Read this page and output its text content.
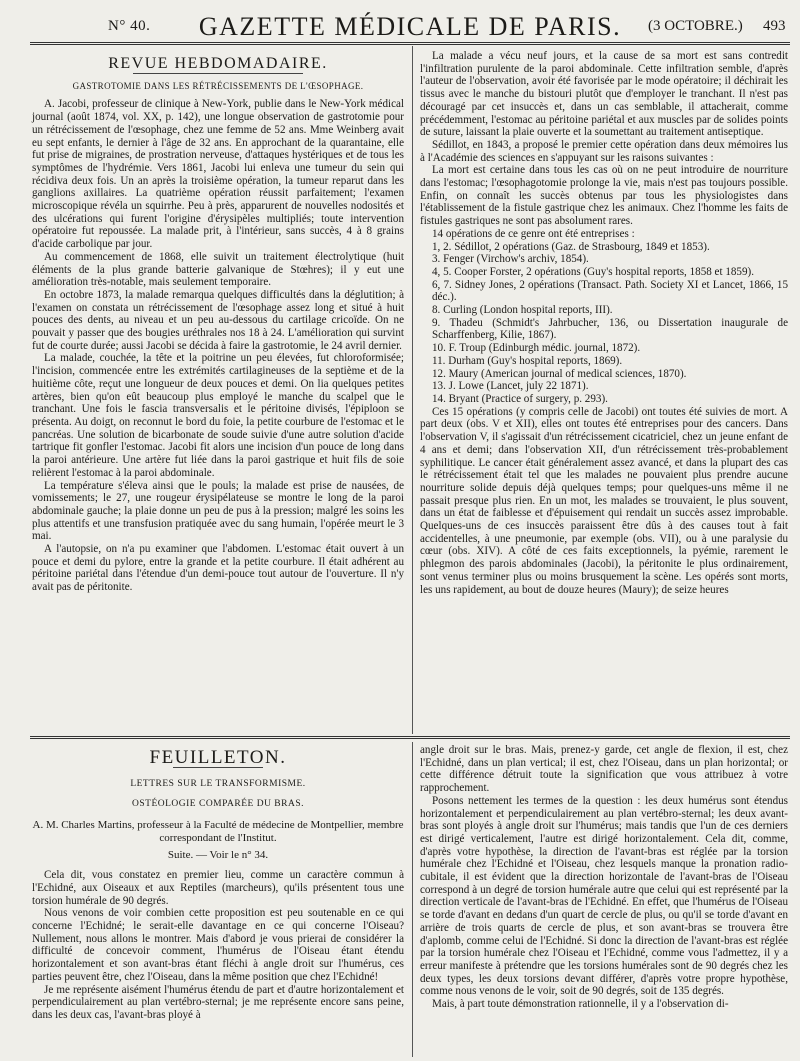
N° 40.	GAZETTE MÉDICALE DE PARIS.	(3 OCTOBRE.) 493
REVUE HEBDOMADAIRE.
GASTROTOMIE DANS LES RÉTRÉCISSEMENTS DE L'ŒSOPHAGE.

A. Jacobi, professeur de clinique à New-York, publie dans le New-York médical journal (août 1874, vol. XX, p. 142), une longue observation de gastrotomie pour un rétrécissement de l'œsophage, chez une femme de 52 ans. Mme Weinberg avait eu sept enfants, le dernier à l'âge de 32 ans. En approchant de la quarantaine, elle fut prise de migraines, de prostration nerveuse, d'attaques hystériques et de tous les symptômes de l'hydrémie. Vers 1861, Jacobi lui enleva une tumeur du sein qui récidiva deux fois. Un an après la troisième opération, la tumeur reparut dans les ganglions axillaires. La quatrième opération réussit parfaitement; l'examen microscopique révéla un squirrhe. Peu à près, apparurent de nouvelles nodosités et des ulcérations qui furent l'origine d'érysipèles multipliés; toute intervention opératoire fut repoussée. La malade prit, à l'intérieur, sans succès, 4 à 8 grains d'acide carbolique par jour.

Au commencement de 1868, elle suivit un traitement électrolytique (huit éléments de la plus grande batterie galvanique de Stœhres); il y eut une amélioration très-notable, mais seulement temporaire.

En octobre 1873, la malade remarqua quelques difficultés dans la déglutition; à l'examen on constata un rétrécissement de l'œsophage assez long et situé à huit pouces des dents, au niveau et un peu au-dessous du cartilage cricoïde. On ne pouvait y passer que des bougies uréthrales nos 18 à 24. L'amélioration qui survint fut de courte durée; aussi Jacobi se décida à faire la gastrotomie, le 24 avril dernier.

La malade, couchée, la tête et la poitrine un peu élevées, fut chloroformisée; l'incision, commencée entre les extrémités cartilagineuses de la septième et de la huitième côte, reçut une longueur de deux pouces et demi. On lia quelques petites artères, bien qu'on eût beaucoup plus employé le manche du scalpel que le tranchant. Une fois le fascia transversalis et le péritoine divisés, l'épiploon se présenta. Au doigt, on reconnut le bord du foie, la petite courbure de l'estomac et le pancréas. Une solution de bicarbonate de soude suivie d'une autre solution d'acide tartrique fit gonfler l'estomac. Jacobi fit alors une incision d'un pouce de long dans la paroi antérieure. Une artère fut liée dans la paroi gastrique et huit fils de soie relièrent l'estomac à la paroi abdominale.

La température s'éleva ainsi que le pouls; la malade est prise de nausées, de vomissements; le 27, une rougeur érysipélateuse se montre le long de la paroi abdominale gauche; la plaie donne un peu de pus à la pression; malgré les soins les plus attentifs et une transfusion pratiquée avec du sang humain, l'opérée meurt le 3 mai.

A l'autopsie, on n'a pu examiner que l'abdomen. L'estomac était ouvert à un pouce et demi du pylore, entre la grande et la petite courbure. Il était adhérent au péritoine pariétal dans l'étendue d'un demi-pouce tout autour de l'ouverture. Il n'y avait pas de péritonite.

La malade a vécu neuf jours, et la cause de sa mort est sans contredit l'infiltration purulente de la paroi abdominale. Cette infiltration semble, d'après l'auteur de l'observation, avoir été favorisée par le mode opératoire; il déchirait les tissus avec le manche du bistouri plutôt que d'employer le tranchant. Il n'est pas découragé par cet insuccès et, dans un cas semblable, il attacherait, comme précédemment, l'estomac au péritoine pariétal et aux muscles par de solides points de suture, laissant la plaie ouverte et la soumettant au traitement antiseptique.

Sédillot, en 1843, a proposé le premier cette opération dans deux mémoires lus à l'Académie des sciences en s'appuyant sur les raisons suivantes :

La mort est certaine dans tous les cas où on ne peut introduire de nourriture dans l'estomac; l'œsophagotomie prolonge la vie, mais n'est pas toujours possible. Enfin, on connaît les succès obtenus par tous les physiologistes dans l'établissement de la fistule gastrique chez les animaux. Chez l'homme les faits de fistules gastriques ne sont pas absolument rares.

14 opérations de ce genre ont été entreprises :

1, 2. Sédillot, 2 opérations (Gaz. de Strasbourg, 1849 et 1853).

3. Fenger (Virchow's archiv, 1854).

4, 5. Cooper Forster, 2 opérations (Guy's hospital reports, 1858 et 1859).

6, 7. Sidney Jones, 2 opérations (Transact. Path. Society XI et Lancet, 1866, 15 déc.).

8. Curling (London hospital reports, III).

9. Thadeu (Schmidt's Jahrbucher, 136, ou Dissertation inaugurale de Scharffenberg, Kilie, 1867).

10. F. Troup (Edinburgh médic. journal, 1872).

11. Durham (Guy's hospital reports, 1869).

12. Maury (American journal of medical sciences, 1870).

13. J. Lowe (Lancet, july 22 1871).

14. Bryant (Practice of surgery, p. 293).

Ces 15 opérations (y compris celle de Jacobi) ont toutes été suivies de mort. A part deux (obs. V et XII), elles ont toutes été entreprises pour des cancers. Dans l'observation V, il s'agissait d'un rétrécissement cicatriciel, chez un jeune enfant de 4 ans et demi; dans l'observation XII, d'un rétrécissement très-probablement syphilitique. Le cancer était généralement assez avancé, et dans la plupart des cas le rétrécissement était tel que les malades ne pouvaient plus prendre aucune nourriture solide depuis déjà quelques temps; pour quelques-uns même il ne passait presque plus rien. En un mot, les malades se trouvaient, le plus souvent, dans un état de faiblesse et d'épuisement qui rendait un succès assez improbable. Quelques-uns de ces insuccès paraissent être dûs à des causes tout à fait accidentelles, à une pneumonie, par exemple (obs. VII), ou à une paralysie du cœur (obs. XIV). A côté de ces faits exceptionnels, la pyémie, rarement le phlegmon des parois abdominales (Jacobi), la péritonite le plus ordinairement, sont venus terminer plus ou moins brusquement la scène. Les opérés sont morts, les uns rapidement, au bout de douze heures (Maury); de seize heures

FEUILLETON.
LETTRES SUR LE TRANSFORMISME.
OSTÉOLOGIE COMPARÉE DU BRAS.
A. M. Charles Martins, professeur à la Faculté de médecine de Montpellier, membre correspondant de l'Institut.
Suite. — Voir le n° 34.

Cela dit, vous constatez en premier lieu, comme un caractère commun à l'Echidné, aux Oiseaux et aux Reptiles (marcheurs), qu'ils présentent tous une torsion humérale de 90 degrés.

Nous venons de voir combien cette proposition est peu soutenable en ce qui concerne l'Echidné; le serait-elle davantage en ce qui concerne l'Oiseau? Nullement, nous allons le montrer. Mais d'abord je vous prierai de considérer la difficulté de concevoir comment, l'humérus de l'Oiseau étant étendu horizontalement et son avant-bras étant fléchi à angle droit sur l'humérus, ces parties peuvent être, chez l'Oiseau, dans la même position que chez l'Echidné!

Je me représente aisément l'humérus étendu de part et d'autre horizontalement et perpendiculairement au plan vertébro-sternal; je me représente encore sans peine, dans les deux cas, l'avant-bras ployé à

angle droit sur le bras. Mais, prenez-y garde, cet angle de flexion, il est, chez l'Echidné, dans un plan vertical; il est, chez l'Oiseau, dans un plan horizontal; or cette différence détruit toute la signification que vous attribuez à votre rapprochement.

Posons nettement les termes de la question : les deux humérus sont étendus horizontalement et perpendiculairement au plan vertébro-sternal; les deux avant-bras sont ployés à angle droit sur l'humérus; mais tandis que l'un de ces derniers est dirigé verticalement, l'autre est dirigé horizontalement. Cela dit, comme, d'après votre hypothèse, la direction de l'avant-bras est réglée par la torsion humérale chez l'Echidné et l'Oiseau, chez lesquels manque la pronation radio-cubitale, il est évident que la direction horizontale de l'avant-bras de l'Oiseau correspond à un degré de torsion humérale autre que celui qui est représenté par la direction verticale de l'avant-bras de l'Echidné. En effet, que l'humérus de l'Oiseau se torde d'avant en dedans d'un quart de cercle de plus, ou qu'il se torde d'avant en arrière de trois quarts de cercle de plus, et son avant-bras se trouvera être d'aplomb, comme celui de l'Echidné. Si donc la direction de l'avant-bras est réglée par la torsion humérale chez l'Oiseau et l'Echidné, comme vous l'admettez, il y a erreur manifeste à prétendre que les torsions humérales sont de 90 degrés chez les deux types, les deux torsions devant différer, d'après votre propre hypothèse, comme nous venons de le voir, soit de 90 degrés, soit de 135 degrés.

Mais, à part toute démonstration rationnelle, il y a l'observation di-
